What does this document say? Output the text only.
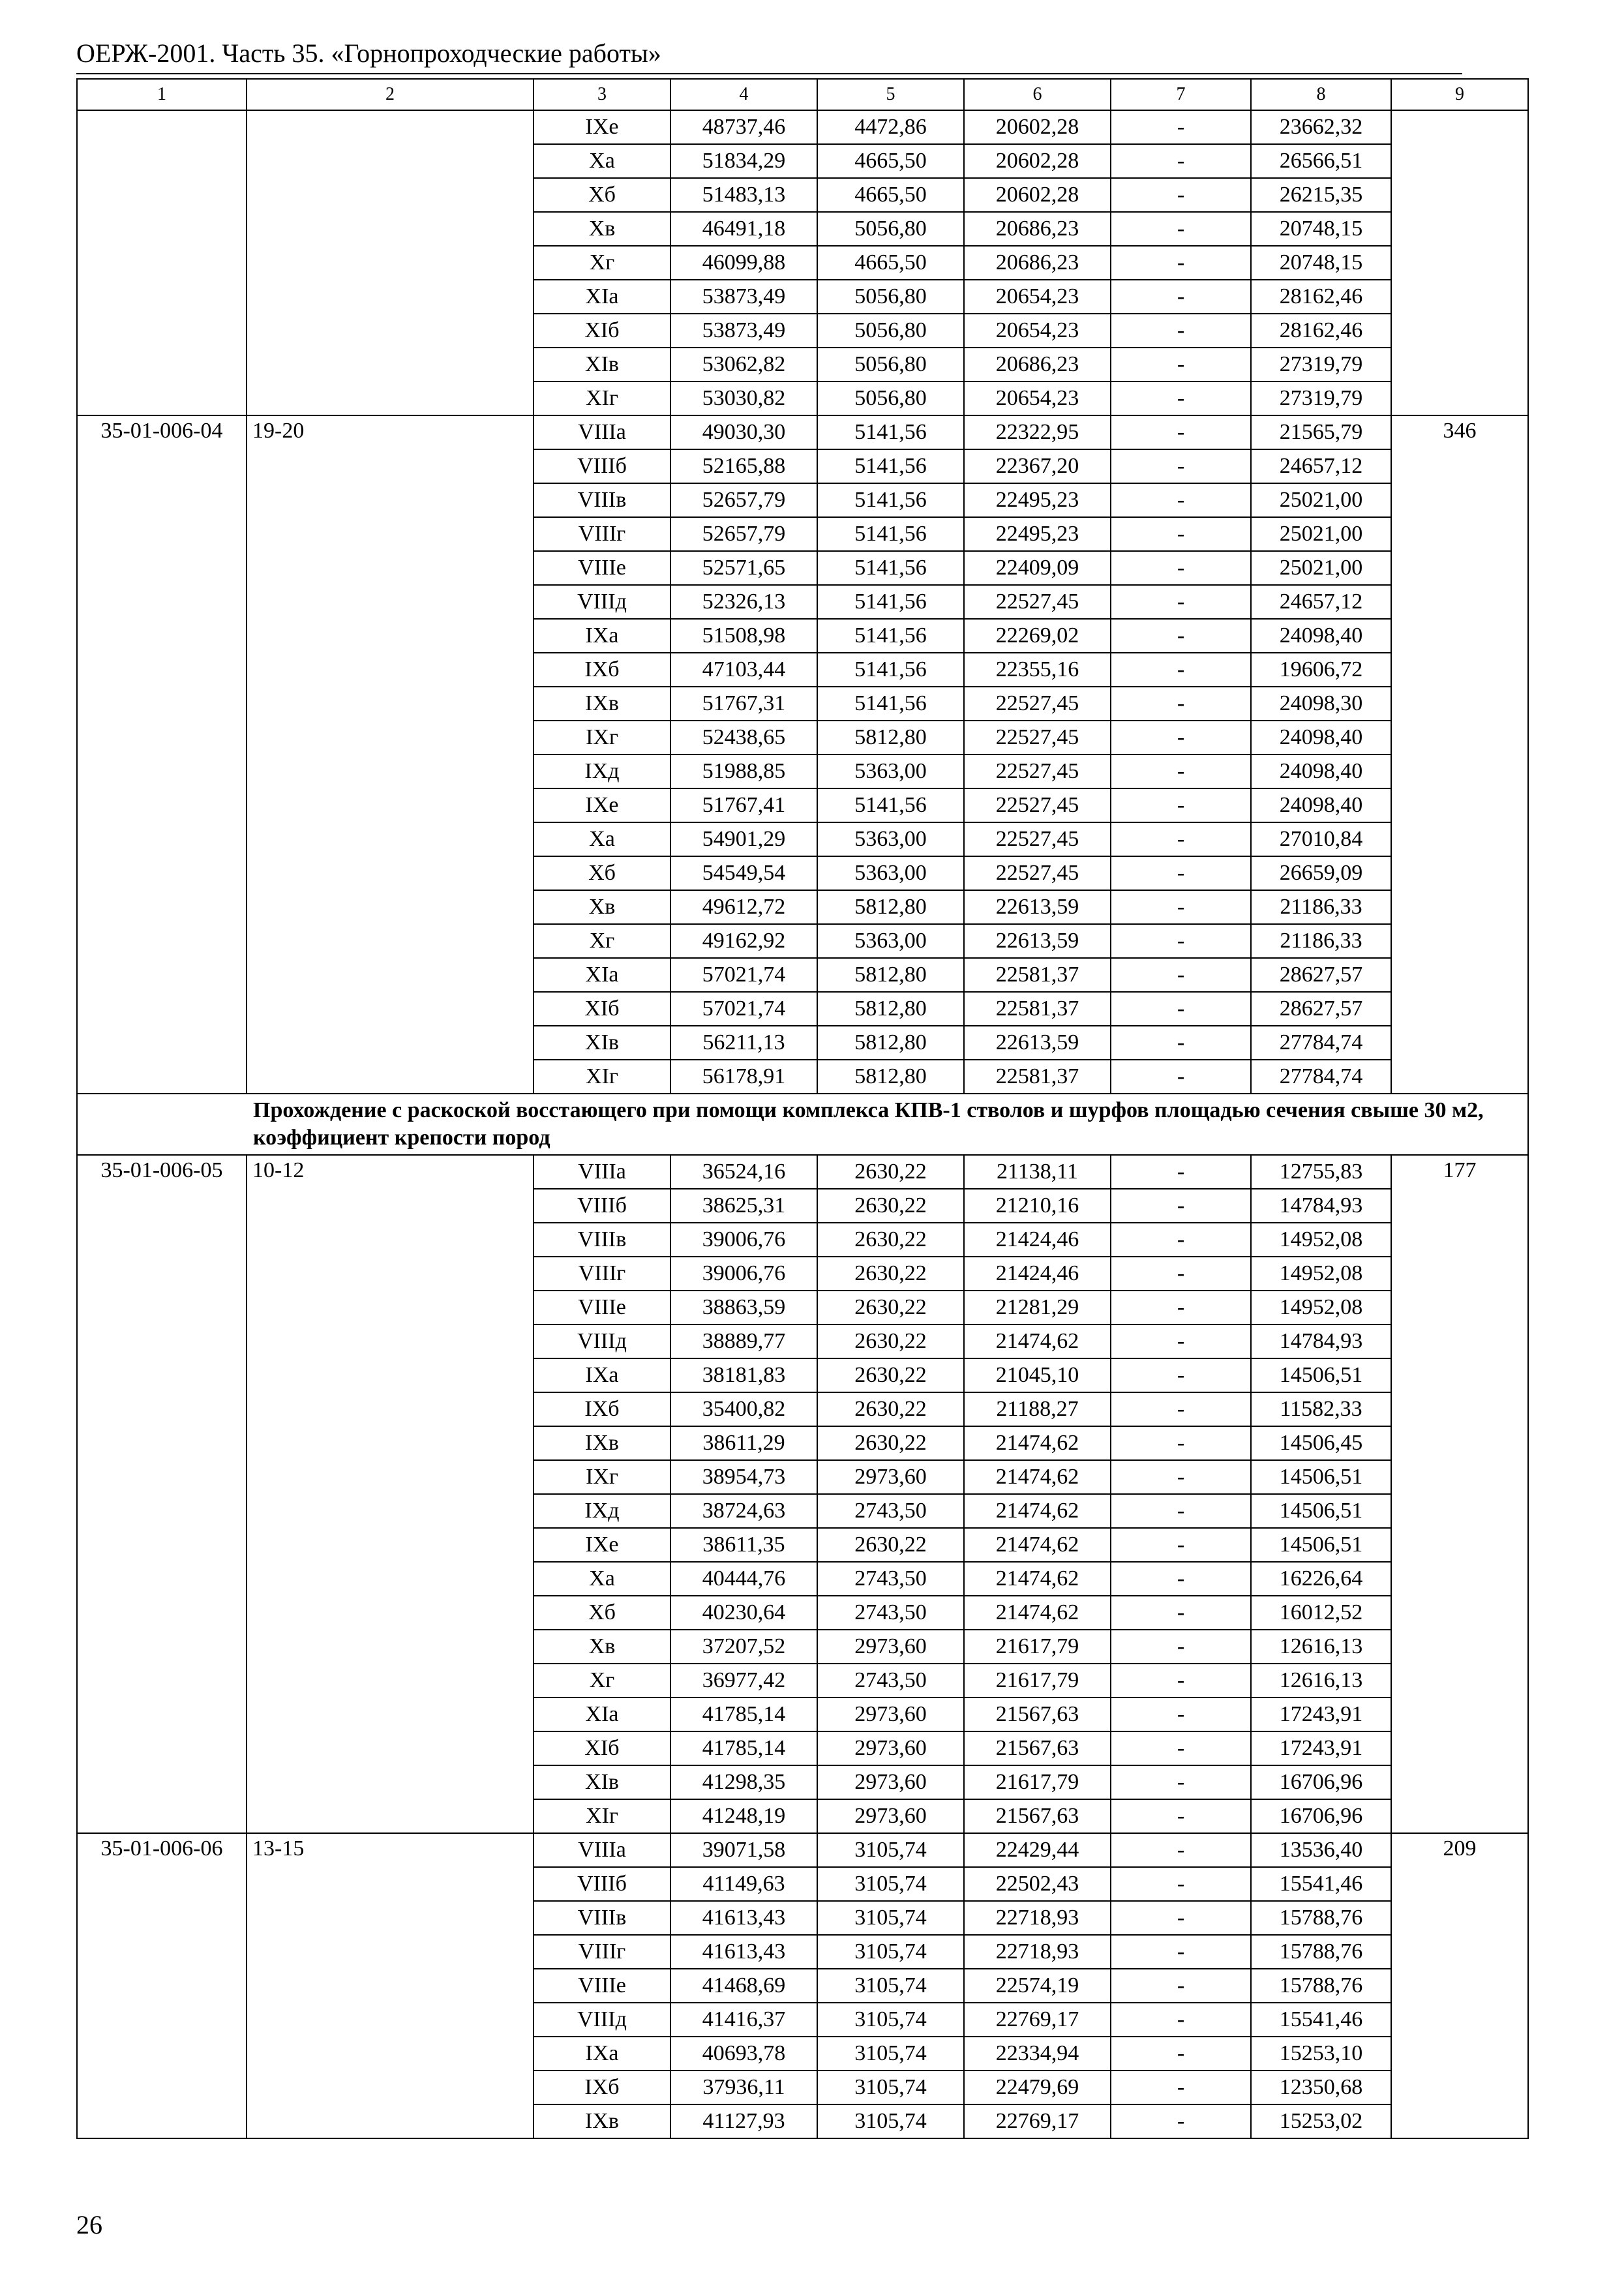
ОЕРЖ-2001. Часть 35. «Горнопроходческие работы»
1	2	3	4	5	6	7	8	9
		IXe	48737,46	4472,86	20602,28	-	23662,32	
		Xa	51834,29	4665,50	20602,28	-	26566,51	
		Xб	51483,13	4665,50	20602,28	-	26215,35	
		Xв	46491,18	5056,80	20686,23	-	20748,15	
		Xг	46099,88	4665,50	20686,23	-	20748,15	
		XIa	53873,49	5056,80	20654,23	-	28162,46	
		XIб	53873,49	5056,80	20654,23	-	28162,46	
		XIв	53062,82	5056,80	20686,23	-	27319,79	
		XIг	53030,82	5056,80	20654,23	-	27319,79	
35-01-006-04	19-20	VIIIa	49030,30	5141,56	22322,95	-	21565,79	346
		VIIIб	52165,88	5141,56	22367,20	-	24657,12	
		VIIIв	52657,79	5141,56	22495,23	-	25021,00	
		VIIIг	52657,79	5141,56	22495,23	-	25021,00	
		VIIIe	52571,65	5141,56	22409,09	-	25021,00	
		VIIIд	52326,13	5141,56	22527,45	-	24657,12	
		IXa	51508,98	5141,56	22269,02	-	24098,40	
		IXб	47103,44	5141,56	22355,16	-	19606,72	
		IXв	51767,31	5141,56	22527,45	-	24098,30	
		IXг	52438,65	5812,80	22527,45	-	24098,40	
		IXд	51988,85	5363,00	22527,45	-	24098,40	
		IXe	51767,41	5141,56	22527,45	-	24098,40	
		Xa	54901,29	5363,00	22527,45	-	27010,84	
		Xб	54549,54	5363,00	22527,45	-	26659,09	
		Xв	49612,72	5812,80	22613,59	-	21186,33	
		Xг	49162,92	5363,00	22613,59	-	21186,33	
		XIa	57021,74	5812,80	22581,37	-	28627,57	
		XIб	57021,74	5812,80	22581,37	-	28627,57	
		XIв	56211,13	5812,80	22613,59	-	27784,74	
		XIг	56178,91	5812,80	22581,37	-	27784,74	
	Прохождение с раскоской восстающего при помощи комплекса КПВ-1 стволов и шурфов площадью сечения свыше 30 м2, коэффициент крепости пород							
35-01-006-05	10-12	VIIIa	36524,16	2630,22	21138,11	-	12755,83	177
		VIIIб	38625,31	2630,22	21210,16	-	14784,93	
		VIIIв	39006,76	2630,22	21424,46	-	14952,08	
		VIIIг	39006,76	2630,22	21424,46	-	14952,08	
		VIIIe	38863,59	2630,22	21281,29	-	14952,08	
		VIIIд	38889,77	2630,22	21474,62	-	14784,93	
		IXa	38181,83	2630,22	21045,10	-	14506,51	
		IXб	35400,82	2630,22	21188,27	-	11582,33	
		IXв	38611,29	2630,22	21474,62	-	14506,45	
		IXг	38954,73	2973,60	21474,62	-	14506,51	
		IXд	38724,63	2743,50	21474,62	-	14506,51	
		IXe	38611,35	2630,22	21474,62	-	14506,51	
		Xa	40444,76	2743,50	21474,62	-	16226,64	
		Xб	40230,64	2743,50	21474,62	-	16012,52	
		Xв	37207,52	2973,60	21617,79	-	12616,13	
		Xг	36977,42	2743,50	21617,79	-	12616,13	
		XIa	41785,14	2973,60	21567,63	-	17243,91	
		XIб	41785,14	2973,60	21567,63	-	17243,91	
		XIв	41298,35	2973,60	21617,79	-	16706,96	
		XIг	41248,19	2973,60	21567,63	-	16706,96	
35-01-006-06	13-15	VIIIa	39071,58	3105,74	22429,44	-	13536,40	209
		VIIIб	41149,63	3105,74	22502,43	-	15541,46	
		VIIIв	41613,43	3105,74	22718,93	-	15788,76	
		VIIIг	41613,43	3105,74	22718,93	-	15788,76	
		VIIIe	41468,69	3105,74	22574,19	-	15788,76	
		VIIIд	41416,37	3105,74	22769,17	-	15541,46	
		IXa	40693,78	3105,74	22334,94	-	15253,10	
		IXб	37936,11	3105,74	22479,69	-	12350,68	
		IXв	41127,93	3105,74	22769,17	-	15253,02	
26
